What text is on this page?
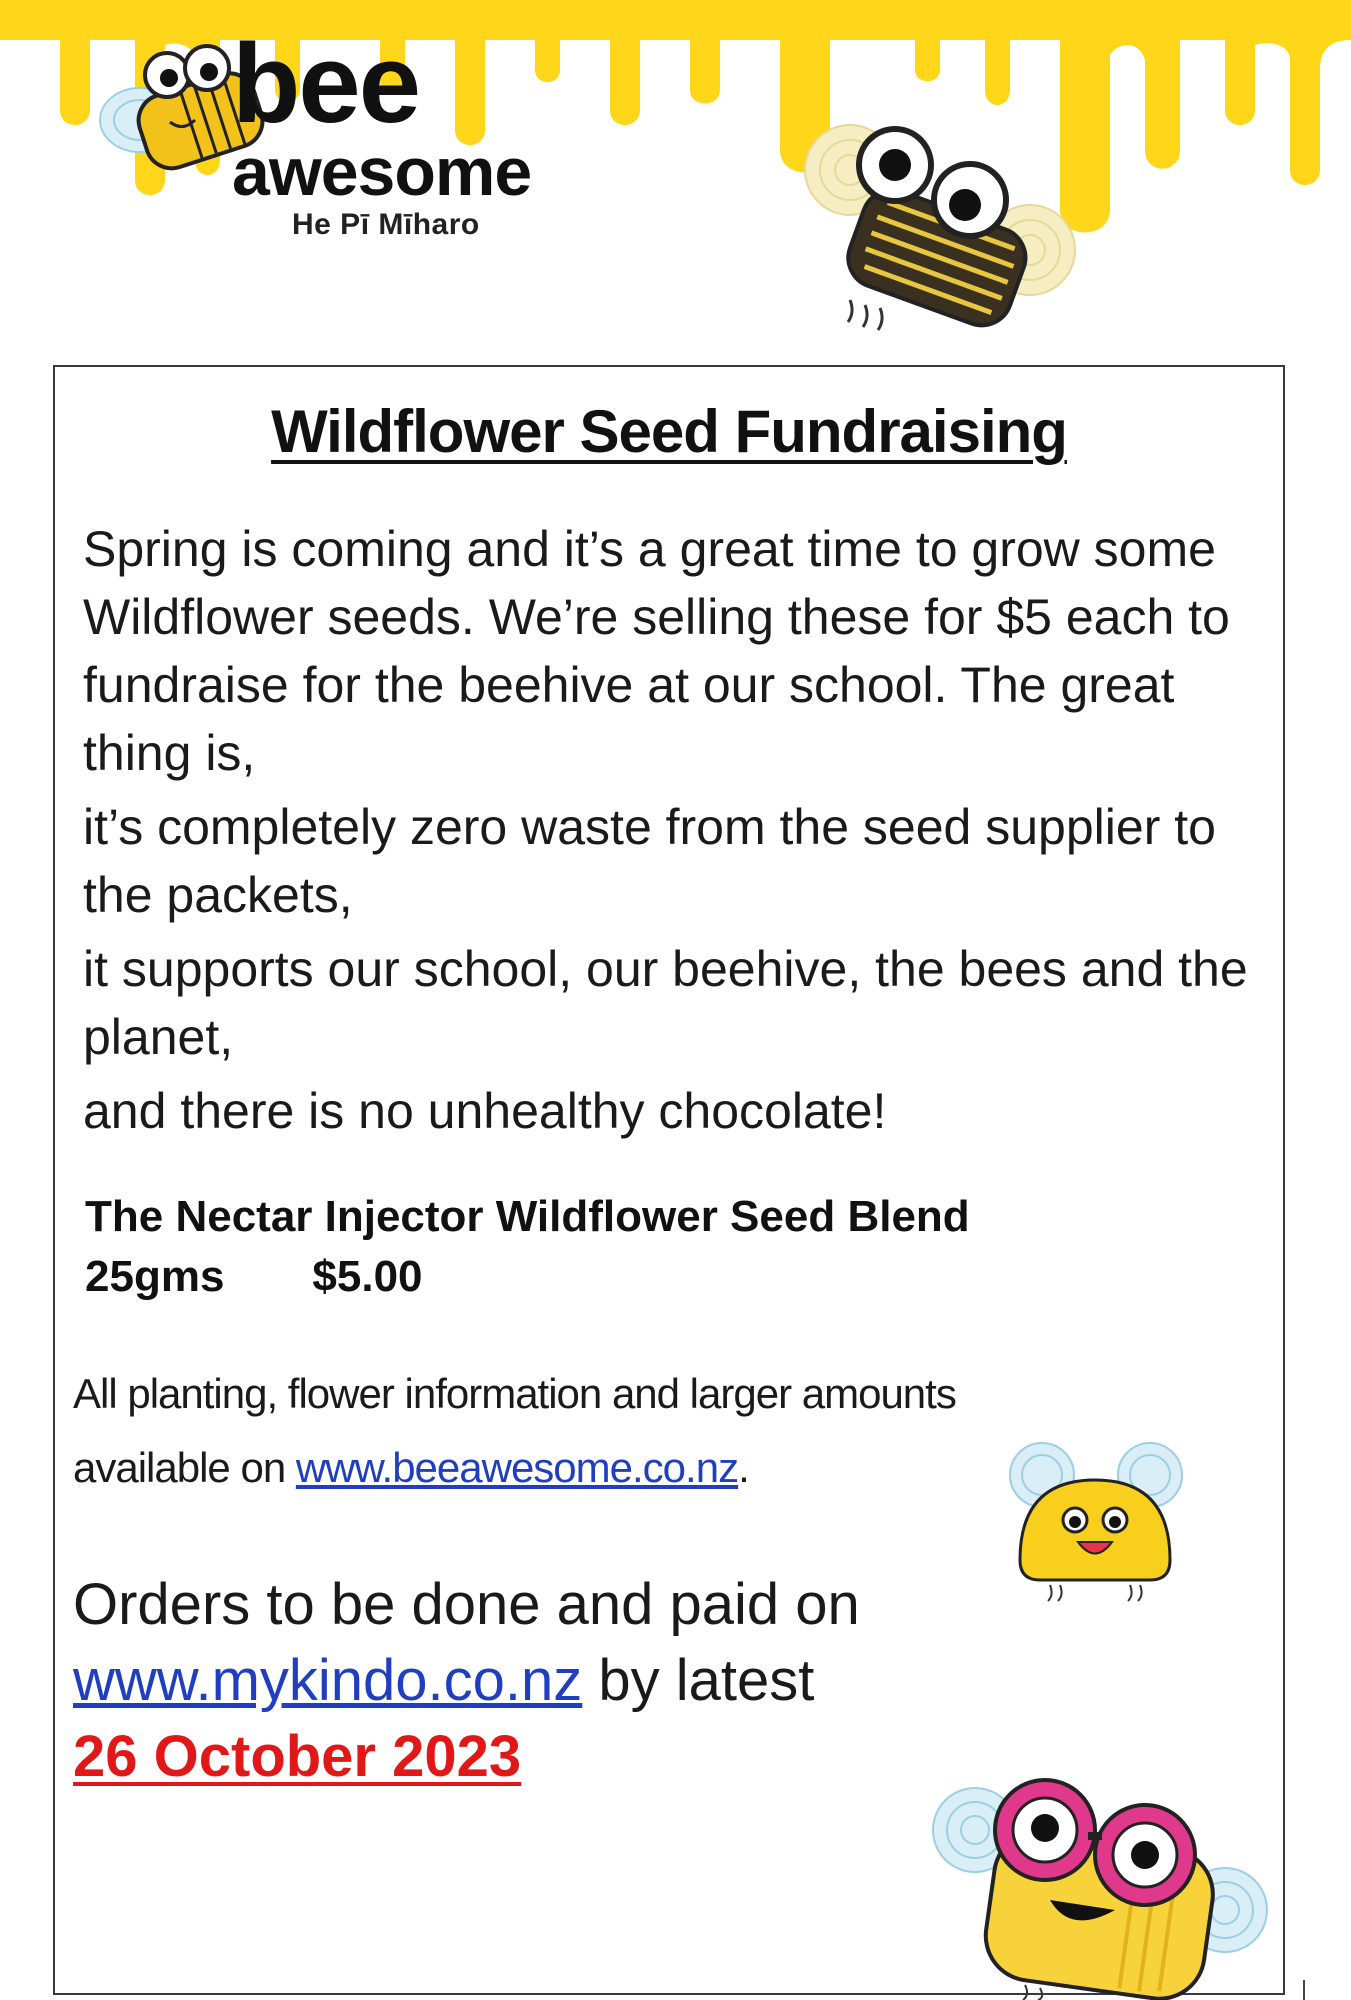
bee
awesome
He Pī Mīharo
Wildflower Seed Fundraising

Spring is coming and it’s a great time to grow some Wildflower seeds. We’re selling these for $5 each to fundraise for the beehive at our school. The great thing is,

it’s completely zero waste from the seed supplier to the packets,

it supports our school, our beehive, the bees and the planet,

and there is no unhealthy chocolate!

The Nectar Injector Wildflower Seed Blend
25gms $5.00
All planting, flower information and larger amounts
available on www.beeawesome.co.nz.
Orders to be done and paid on
www.mykindo.co.nz by latest
26 October 2023
